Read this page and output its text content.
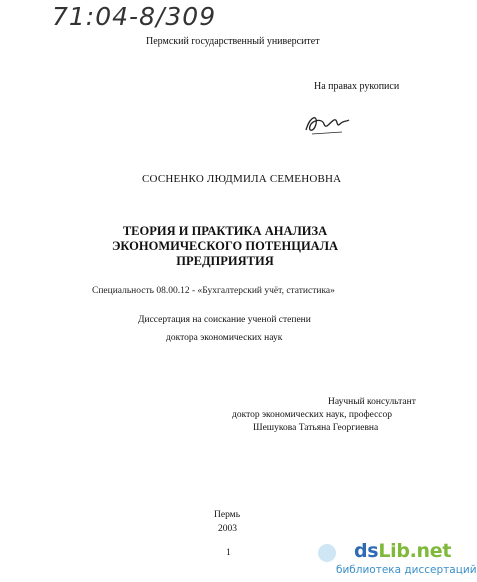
71:04-8/309
Пермский государственный университет
На правах рукописи
СОСНЕНКО ЛЮДМИЛА СЕМЕНОВНА
ТЕОРИЯ И ПРАКТИКА АНАЛИЗА
ЭКОНОМИЧЕСКОГО ПОТЕНЦИАЛА
ПРЕДПРИЯТИЯ
Специальность 08.00.12 - «Бухгалтерский учёт, статистика»
Диссертация на соискание ученой степени
доктора экономических наук
Научный консультант
доктор экономических наук, профессор
Шешукова Татьяна Георгиевна
Пермь
2003
1	dsLib.net
библиотека диссертаций
